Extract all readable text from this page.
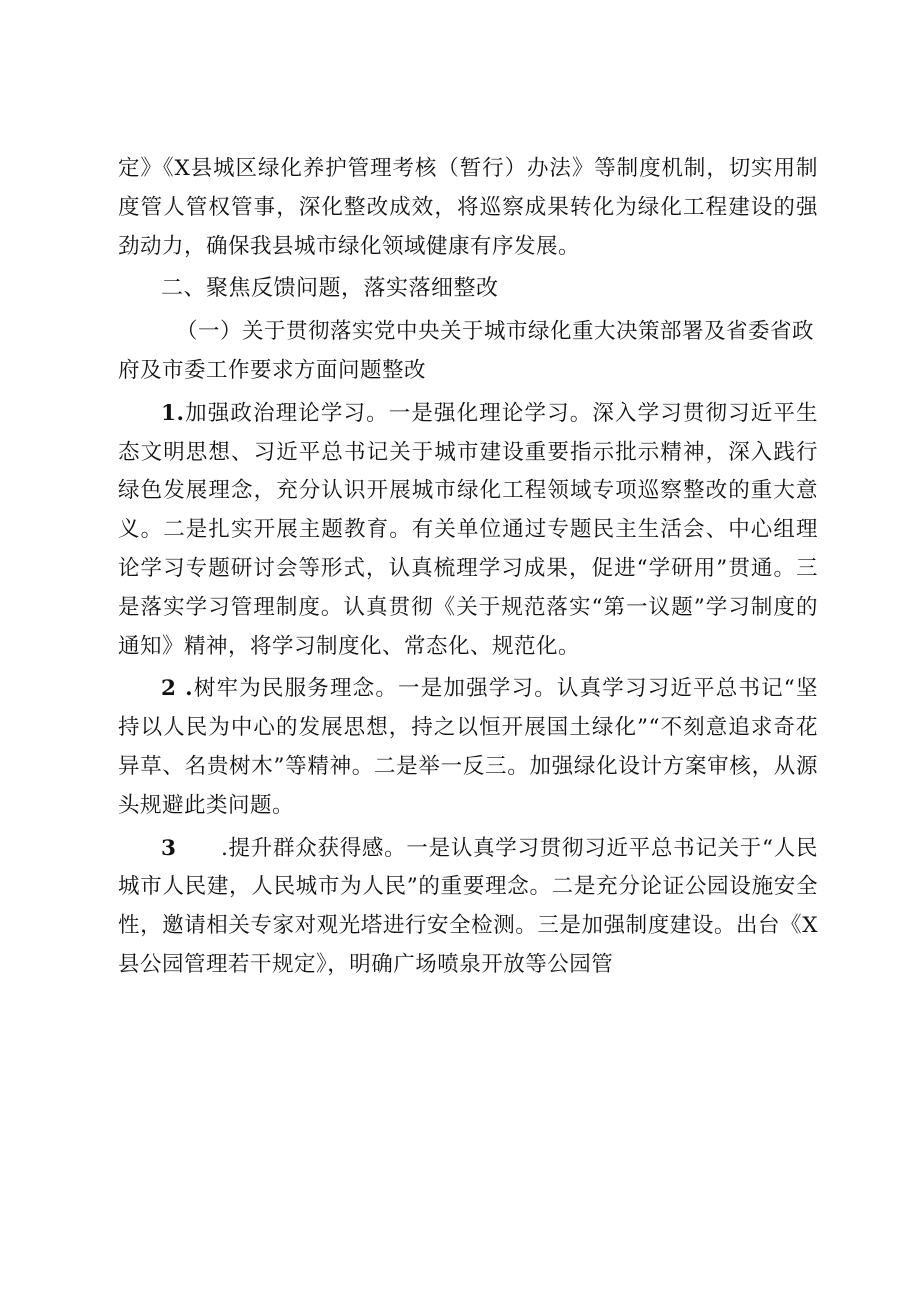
定》《X县城区绿化养护管理考核（暂行）办法》等制度机制，切实用制度管人管权管事，深化整改成效，将巡察成果转化为绿化工程建设的强劲动力，确保我县城市绿化领域健康有序发展。

二、聚焦反馈问题，落实落细整改

（一）关于贯彻落实党中央关于城市绿化重大决策部署及省委省政府及市委工作要求方面问题整改

1.加强政治理论学习。一是强化理论学习。深入学习贯彻习近平生态文明思想、习近平总书记关于城市建设重要指示批示精神，深入践行绿色发展理念，充分认识开展城市绿化工程领域专项巡察整改的重大意义。二是扎实开展主题教育。有关单位通过专题民主生活会、中心组理论学习专题研讨会等形式，认真梳理学习成果，促进“学研用”贯通。三是落实学习管理制度。认真贯彻《关于规范落实“第一议题”学习制度的通知》精神，将学习制度化、常态化、规范化。

2 .树牢为民服务理念。一是加强学习。认真学习习近平总书记“坚持以人民为中心的发展思想，持之以恒开展国土绿化”“不刻意追求奇花异草、名贵树木”等精神。二是举一反三。加强绿化设计方案审核，从源头规避此类问题。

3 .提升群众获得感。一是认真学习贯彻习近平总书记关于“人民城市人民建，人民城市为人民”的重要理念。二是充分论证公园设施安全性，邀请相关专家对观光塔进行安全检测。三是加强制度建设。出台《X县公园管理若干规定》，明确广场喷泉开放等公园管
